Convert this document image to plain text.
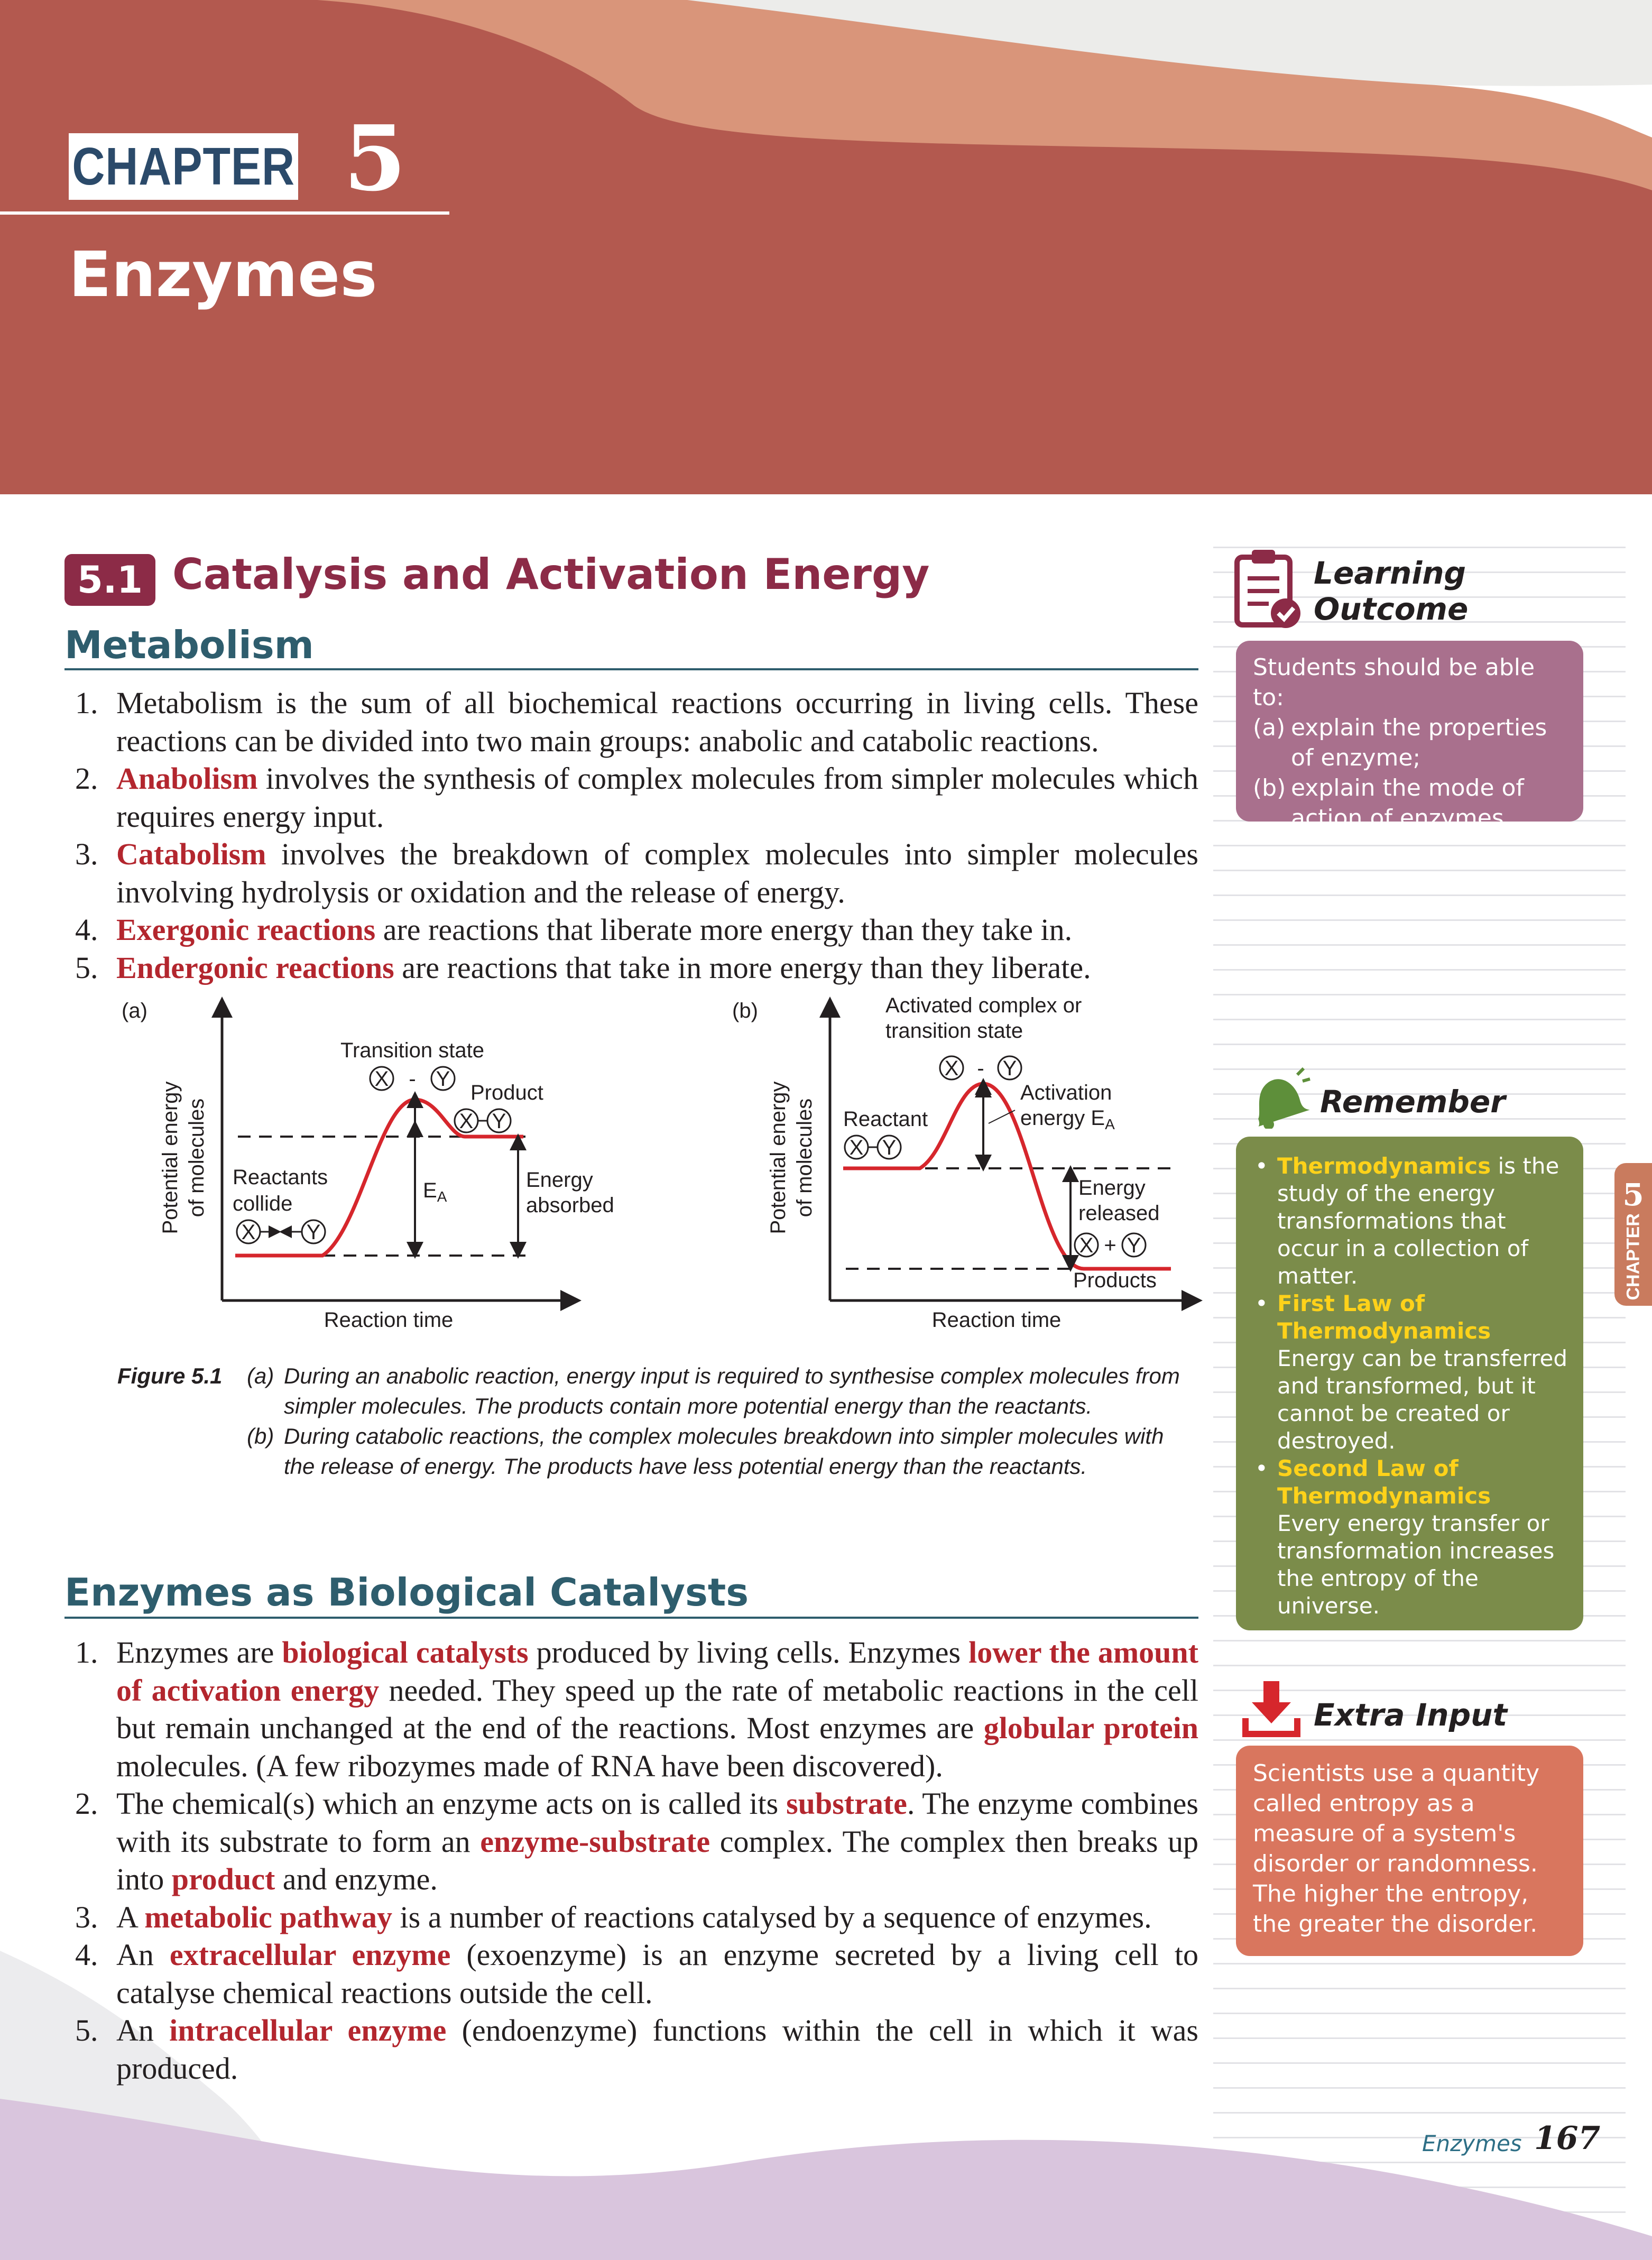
CHAPTER 5
Enzymes
5.1 Catalysis and Activation Energy
Metabolism
1. Metabolism is the sum of all biochemical reactions occurring in living cells. These reactions can be divided into two main groups: anabolic and catabolic reactions.
2. Anabolism involves the synthesis of complex molecules from simpler molecules which requires energy input.
3. Catabolism involves the breakdown of complex molecules into simpler molecules involving hydrolysis or oxidation and the release of energy.
4. Exergonic reactions are reactions that liberate more energy than they take in.
5. Endergonic reactions are reactions that take in more energy than they liberate.
(a)
Potential energy of molecules
Reaction time
Transition state
X - Y
Product
X Y
$E_A$
Reactants
collide
X Y
Energy
absorbed
(b)
Potential energy of molecules
Reaction time
Activated complex or
transition state
X - Y
Activation
energy $E_A$
Reactant
X Y
Energy
released
X + Y
Products
Figure 5.1 (a) During an anabolic reaction, energy input is required to synthesise complex molecules from simpler molecules. The products contain more potential energy than the reactants.
(b) During catabolic reactions, the complex molecules breakdown into simpler molecules with the release of energy. The products have less potential energy than the reactants.
Enzymes as Biological Catalysts
1. Enzymes are biological catalysts produced by living cells. Enzymes lower the amount of activation energy needed. They speed up the rate of metabolic reactions in the cell but remain unchanged at the end of the reactions. Most enzymes are globular protein molecules. (A few ribozymes made of RNA have been discovered).
2. The chemical(s) which an enzyme acts on is called its substrate. The enzyme combines with its substrate to form an enzyme-substrate complex. The complex then breaks up into product and enzyme.
3. A metabolic pathway is a number of reactions catalysed by a sequence of enzymes.
4. An extracellular enzyme (exoenzyme) is an enzyme secreted by a living cell to catalyse chemical reactions outside the cell.
5. An intracellular enzyme (endoenzyme) functions within the cell in which it was produced.
Learning
Outcome
Students should be able to:
(a) explain the properties of enzyme;
(b) explain the mode of action of enzymes.
Remember
• Thermodynamics is the study of the energy transformations that occur in a collection of matter.
• First Law of Thermodynamics
Energy can be transferred and transformed, but it cannot be created or destroyed.
• Second Law of Thermodynamics
Every energy transfer or transformation increases the entropy of the universe.
Extra Input
Scientists use a quantity called entropy as a measure of a system's disorder or randomness. The higher the entropy, the greater the disorder.
5
CHAPTER
Enzymes 167
